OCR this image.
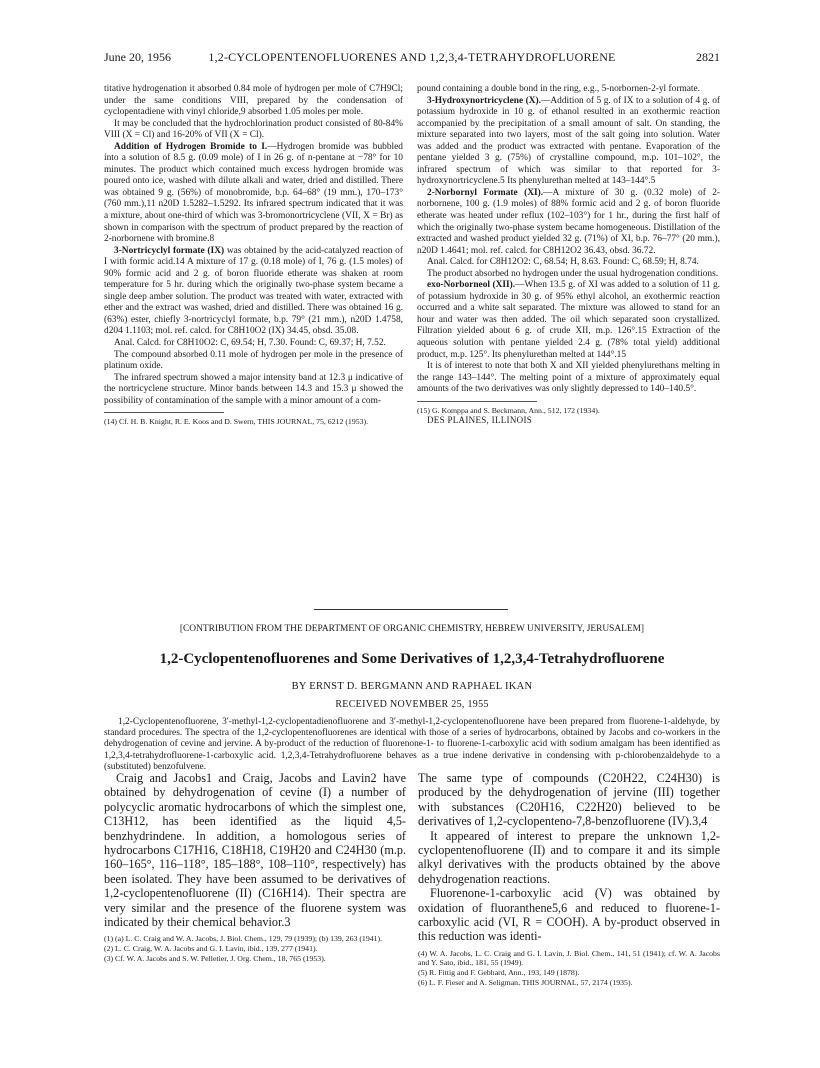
June 20, 1956	1,2-CYCLOPENTENOFLUORENES AND 1,2,3,4-TETRAHYDROFLUORENE	2821

titative hydrogenation it absorbed 0.84 mole of hydrogen per mole of C7H9Cl; under the same conditions VIII, prepared by the condensation of cyclopentadiene with vinyl chloride,9 absorbed 1.05 moles per mole.

It may be concluded that the hydrochlorination product consisted of 80-84% VIII (X = Cl) and 16-20% of VII (X = Cl).

Addition of Hydrogen Bromide to I.—Hydrogen bromide was bubbled into a solution of 8.5 g. (0.09 mole) of I in 26 g. of n-pentane at −78° for 10 minutes. The product which contained much excess hydrogen bromide was poured onto ice, washed with dilute alkali and water, dried and distilled. There was obtained 9 g. (56%) of monobromide, b.p. 64–68° (19 mm.), 170–173° (760 mm.),11 n20D 1.5282–1.5292. Its infrared spectrum indicated that it was a mixture, about one-third of which was 3-bromonortricyclene (VII, X = Br) as shown in comparison with the spectrum of product prepared by the reaction of 2-norbornene with bromine.8

3-Nortricyclyl formate (IX) was obtained by the acid-catalyzed reaction of I with formic acid.14 A mixture of 17 g. (0.18 mole) of I, 76 g. (1.5 moles) of 90% formic acid and 2 g. of boron fluoride etherate was shaken at room temperature for 5 hr. during which the originally two-phase system became a single deep amber solution. The product was treated with water, extracted with ether and the extract was washed, dried and distilled. There was obtained 16 g. (63%) ester, chiefly 3-nortricyclyl formate, b.p. 79° (21 mm.), n20D 1.4758, d204 1.1103; mol. ref. calcd. for C8H10O2 (IX) 34.45, obsd. 35.08.

Anal. Calcd. for C8H10O2: C, 69.54; H, 7.30. Found: C, 69.37; H, 7.52.

The compound absorbed 0.11 mole of hydrogen per mole in the presence of platinum oxide.

The infrared spectrum showed a major intensity band at 12.3 μ indicative of the nortricyclene structure. Minor bands between 14.3 and 15.3 μ showed the possibility of contamination of the sample with a minor amount of a com-

(14) Cf. H. B. Knight, R. E. Koos and D. Swern, THIS JOURNAL, 75, 6212 (1953).

pound containing a double bond in the ring, e.g., 5-norbornen-2-yl formate.

3-Hydroxynortricyclene (X).—Addition of 5 g. of IX to a solution of 4 g. of potassium hydroxide in 10 g. of ethanol resulted in an exothermic reaction accompanied by the precipitation of a small amount of salt. On standing, the mixture separated into two layers, most of the salt going into solution. Water was added and the product was extracted with pentane. Evaporation of the pentane yielded 3 g. (75%) of crystalline compound, m.p. 101–102°, the infrared spectrum of which was similar to that reported for 3-hydroxynortricyclene.5 Its phenylurethan melted at 143–144°.5

2-Norbornyl Formate (XI).—A mixture of 30 g. (0.32 mole) of 2-norbornene, 100 g. (1.9 moles) of 88% formic acid and 2 g. of boron fluoride etherate was heated under reflux (102–103°) for 1 hr., during the first half of which the originally two-phase system became homogeneous. Distillation of the extracted and washed product yielded 32 g. (71%) of XI, b.p. 76–77° (20 mm.), n20D 1.4641; mol. ref. calcd. for C8H12O2 36.43, obsd. 36.72.

Anal. Calcd. for C8H12O2: C, 68.54; H, 8.63. Found: C, 68.59; H, 8.74.

The product absorbed no hydrogen under the usual hydrogenation conditions.

exo-Norborneol (XII).—When 13.5 g. of XI was added to a solution of 11 g. of potassium hydroxide in 30 g. of 95% ethyl alcohol, an exothermic reaction occurred and a white salt separated. The mixture was allowed to stand for an hour and water was then added. The oil which separated soon crystallized. Filtration yielded about 6 g. of crude XII, m.p. 126°.15 Extraction of the aqueous solution with pentane yielded 2.4 g. (78% total yield) additional product, m.p. 125°. Its phenylurethan melted at 144°.15

It is of interest to note that both X and XII yielded phenylurethans melting in the range 143–144°. The melting point of a mixture of approximately equal amounts of the two derivatives was only slightly depressed to 140–140.5°.

(15) G. Komppa and S. Beckmann, Ann., 512, 172 (1934).

DES PLAINES, ILLINOIS

[CONTRIBUTION FROM THE DEPARTMENT OF ORGANIC CHEMISTRY, HEBREW UNIVERSITY, JERUSALEM]
1,2-Cyclopentenofluorenes and Some Derivatives of 1,2,3,4-Tetrahydrofluorene
BY ERNST D. BERGMANN AND RAPHAEL IKAN
RECEIVED NOVEMBER 25, 1955

1,2-Cyclopentenofluorene, 3′-methyl-1,2-cyclopentadienofluorene and 3′-methyl-1,2-cyclopentenofluorene have been prepared from fluorene-1-aldehyde, by standard procedures. The spectra of the 1,2-cyclopentenofluorenes are identical with those of a series of hydrocarbons, obtained by Jacobs and co-workers in the dehydrogenation of cevine and jervine. A by-product of the reduction of fluorenone-1- to fluorene-1-carboxylic acid with sodium amalgam has been identified as 1,2,3,4-tetrahydrofluorene-1-carboxylic acid. 1,2,3,4-Tetrahydrofluorene behaves as a true indene derivative in condensing with p-chlorobenzaldehyde to a (substituted) benzofulvene.

Craig and Jacobs1 and Craig, Jacobs and Lavin2 have obtained by dehydrogenation of cevine (I) a number of polycyclic aromatic hydrocarbons of which the simplest one, C13H12, has been identified as the liquid 4,5-benzhydrindene. In addition, a homologous series of hydrocarbons C17H16, C18H18, C19H20 and C24H30 (m.p. 160–165°, 116–118°, 185–188°, 108–110°, respectively) has been isolated. They have been assumed to be derivatives of 1,2-cyclopentenofluorene (II) (C16H14). Their spectra are very similar and the presence of the fluorene system was indicated by their chemical behavior.3

(1) (a) L. C. Craig and W. A. Jacobs, J. Biol. Chem., 129, 79 (1939); (b) 139, 263 (1941).

(2) L. C. Craig, W. A. Jacobs and G. I. Lavin, ibid., 139, 277 (1941).

(3) Cf. W. A. Jacobs and S. W. Pelletier, J. Org. Chem., 18, 765 (1953).

The same type of compounds (C20H22, C24H30) is produced by the dehydrogenation of jervine (III) together with substances (C20H16, C22H20) believed to be derivatives of 1,2-cyclopenteno-7,8-benzofluorene (IV).3,4

It appeared of interest to prepare the unknown 1,2-cyclopentenofluorene (II) and to compare it and its simple alkyl derivatives with the products obtained by the above dehydrogenation reactions.

Fluorenone-1-carboxylic acid (V) was obtained by oxidation of fluoranthene5,6 and reduced to fluorene-1-carboxylic acid (VI, R = COOH). A by-product observed in this reduction was identi-

(4) W. A. Jacobs, L. C. Craig and G. I. Lavin, J. Biol. Chem., 141, 51 (1941); cf. W. A. Jacobs and Y. Sato, ibid., 181, 55 (1949).

(5) R. Fittig and F. Gebhard, Ann., 193, 149 (1878).

(6) L. F. Fieser and A. Seligman, THIS JOURNAL, 57, 2174 (1935).
